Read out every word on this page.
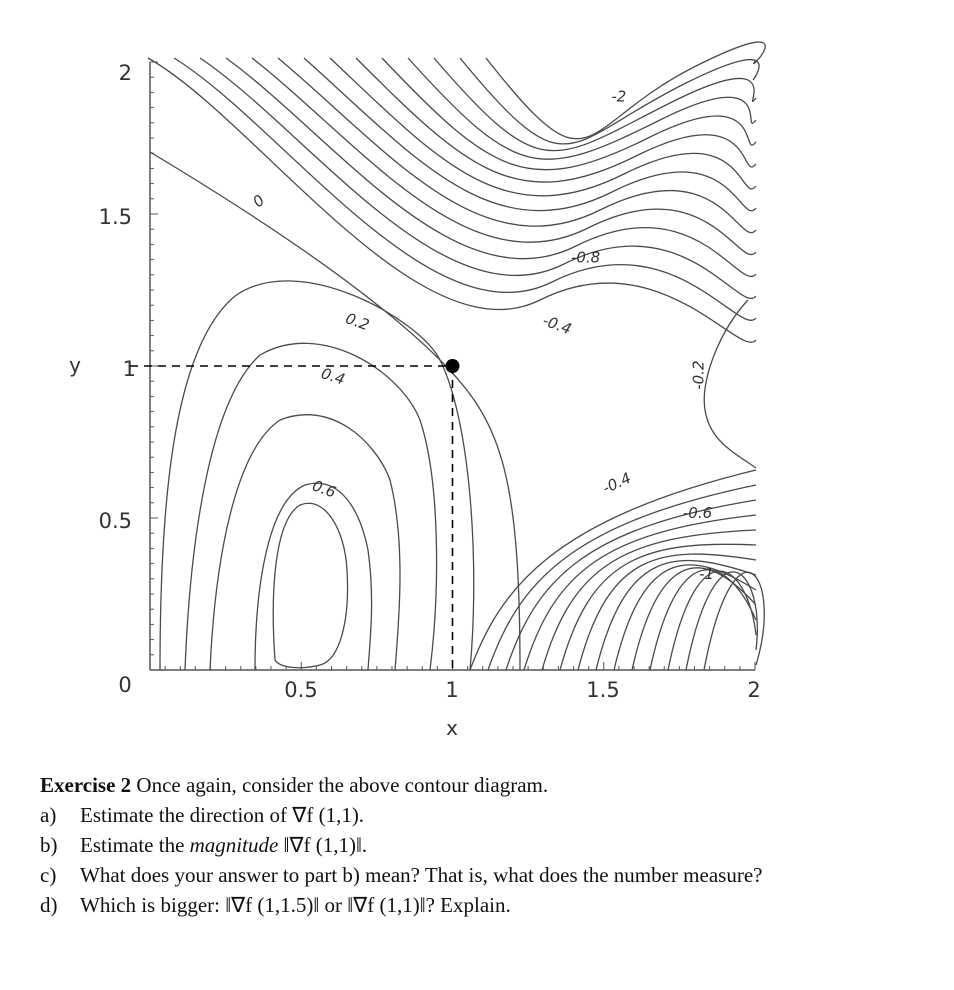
x
y
0	0.5	1	1.5	2
0.5
1
1.5
2
-2
0
-0.8
0.2	-0.4
0.4	-0.2
0.6	-0.4
-0.6
-1
Exercise 2 Once again, consider the above contour diagram.
a) Estimate the direction of ∇f (1,1).
b) Estimate the magnitude ‖∇f (1,1)‖.
c) What does your answer to part b) mean? That is, what does the number measure?
d) Which is bigger: ‖∇f (1,1.5)‖ or ‖∇f (1,1)‖? Explain.
